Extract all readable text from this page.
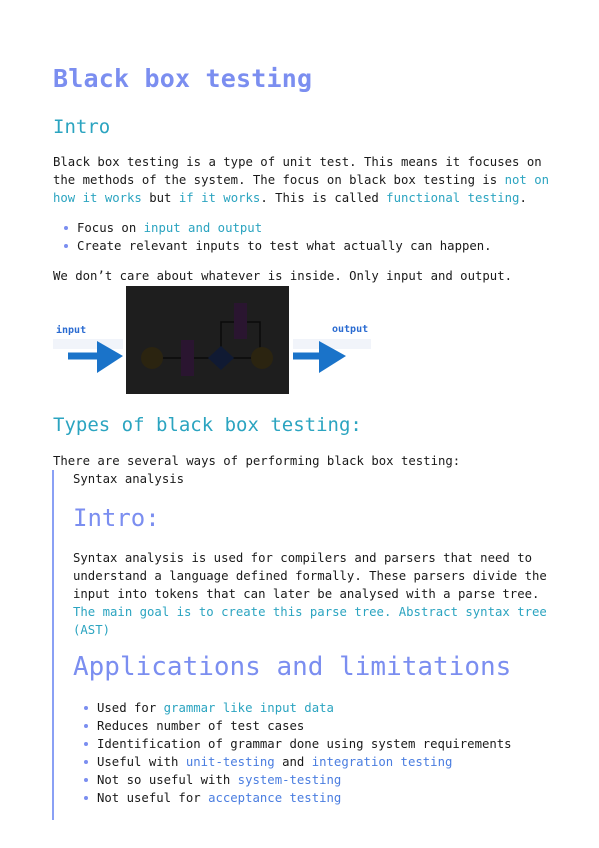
Black box testing
Intro
Black box testing is a type of unit test. This means it focuses on
the methods of the system. The focus on black box testing is not on
how it works but if it works. This is called functional testing.
Focus on input and output
Create relevant inputs to test what actually can happen.
We don’t care about whatever is inside. Only input and output.
input	output
Types of black box testing:
There are several ways of performing black box testing:
Syntax analysis
Intro:
Syntax analysis is used for compilers and parsers that need to
understand a language defined formally. These parsers divide the
input into tokens that can later be analysed with a parse tree.
The main goal is to create this parse tree. Abstract syntax tree
(AST)
Applications and limitations
Used for grammar like input data
Reduces number of test cases
Identification of grammar done using system requirements
Useful with unit-testing and integration testing
Not so useful with system-testing
Not useful for acceptance testing
